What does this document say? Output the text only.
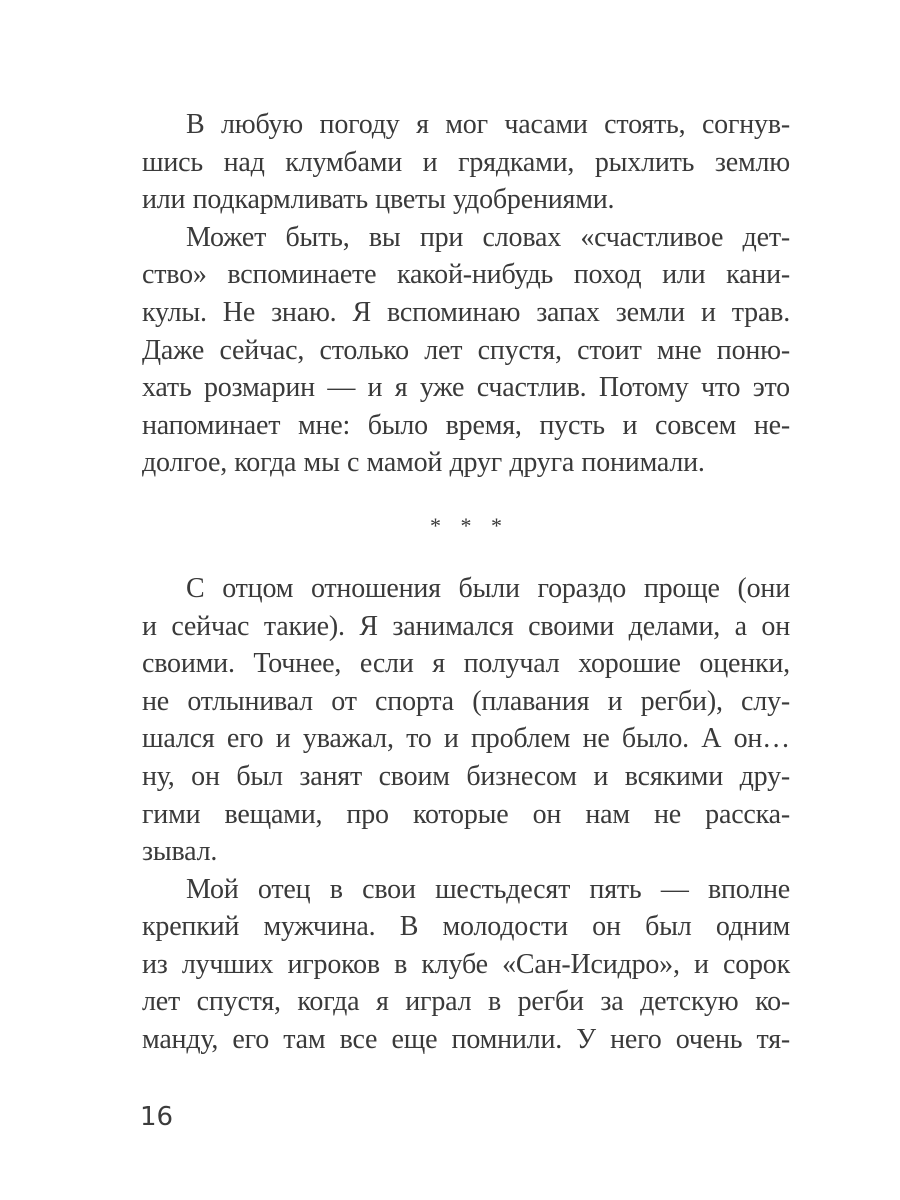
В любую погоду я мог часами стоять, согнув-
шись над клумбами и грядками, рыхлить землю
или подкармливать цветы удобрениями.
Может быть, вы при словах «счастливое дет-
ство» вспоминаете какой-нибудь поход или кани-
кулы. Не знаю. Я вспоминаю запах земли и трав.
Даже сейчас, столько лет спустя, стоит мне поню-
хать розмарин — и я уже счастлив. Потому что это
напоминает мне: было время, пусть и совсем не-
долгое, когда мы с мамой друг друга понимали.
* * *
С отцом отношения были гораздо проще (они
и сейчас такие). Я занимался своими делами, а он
своими. Точнее, если я получал хорошие оценки,
не отлынивал от спорта (плавания и регби), слу-
шался его и уважал, то и проблем не было. А он…
ну, он был занят своим бизнесом и всякими дру-
гими вещами, про которые он нам не расска-
зывал.
Мой отец в свои шестьдесят пять — вполне
крепкий мужчина. В молодости он был одним
из лучших игроков в клубе «Сан-Исидро», и сорок
лет спустя, когда я играл в регби за детскую ко-
манду, его там все еще помнили. У него очень тя-
16
